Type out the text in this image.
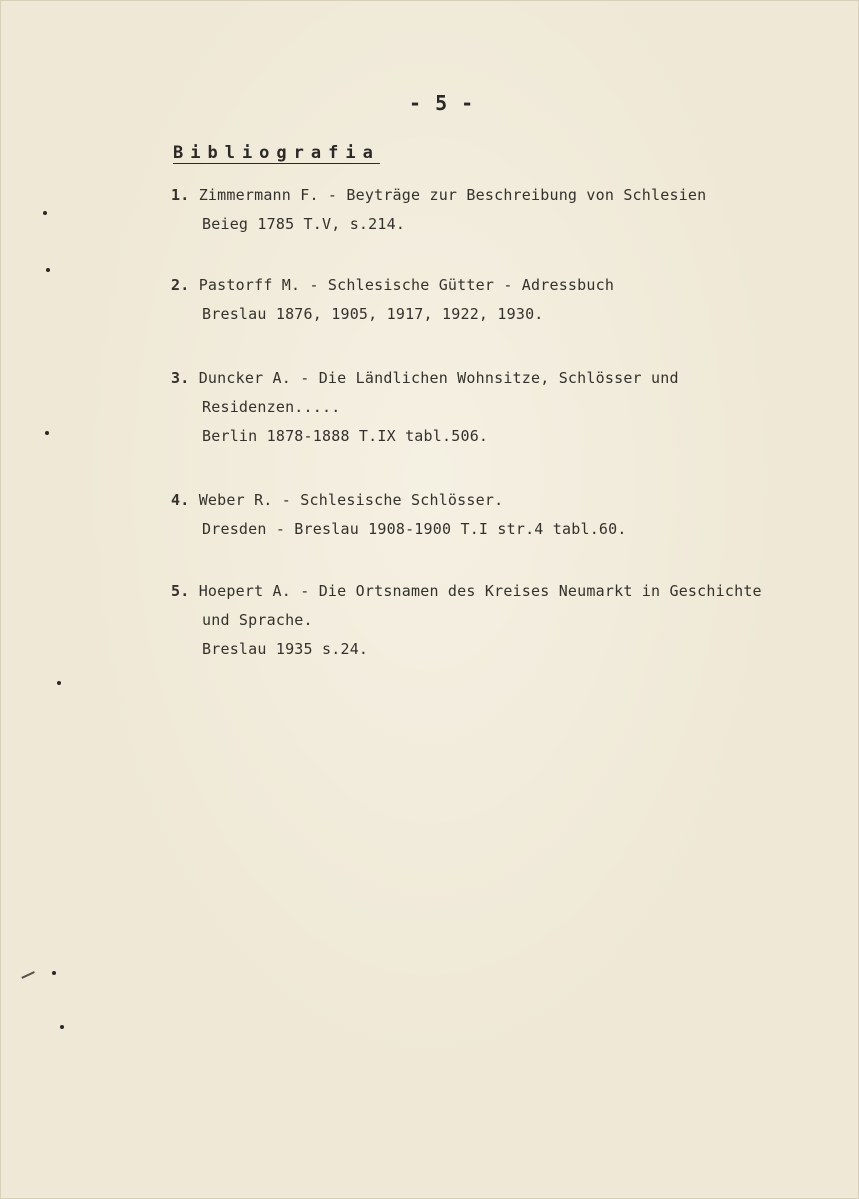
- 5 -
Bibliografia
1. Zimmermann F. - Beyträge zur Beschreibung von Schlesien
Beieg 1785 T.V, s.214.
2. Pastorff M. - Schlesische Gütter - Adressbuch
Breslau 1876, 1905, 1917, 1922, 1930.
3. Duncker A. - Die Ländlichen Wohnsitze, Schlösser und
Residenzen.....
Berlin 1878-1888 T.IX tabl.506.
4. Weber R. - Schlesische Schlösser.
Dresden - Breslau 1908-1900 T.I str.4 tabl.60.
5. Hoepert A. - Die Ortsnamen des Kreises Neumarkt in Geschichte
und Sprache.
Breslau 1935 s.24.
